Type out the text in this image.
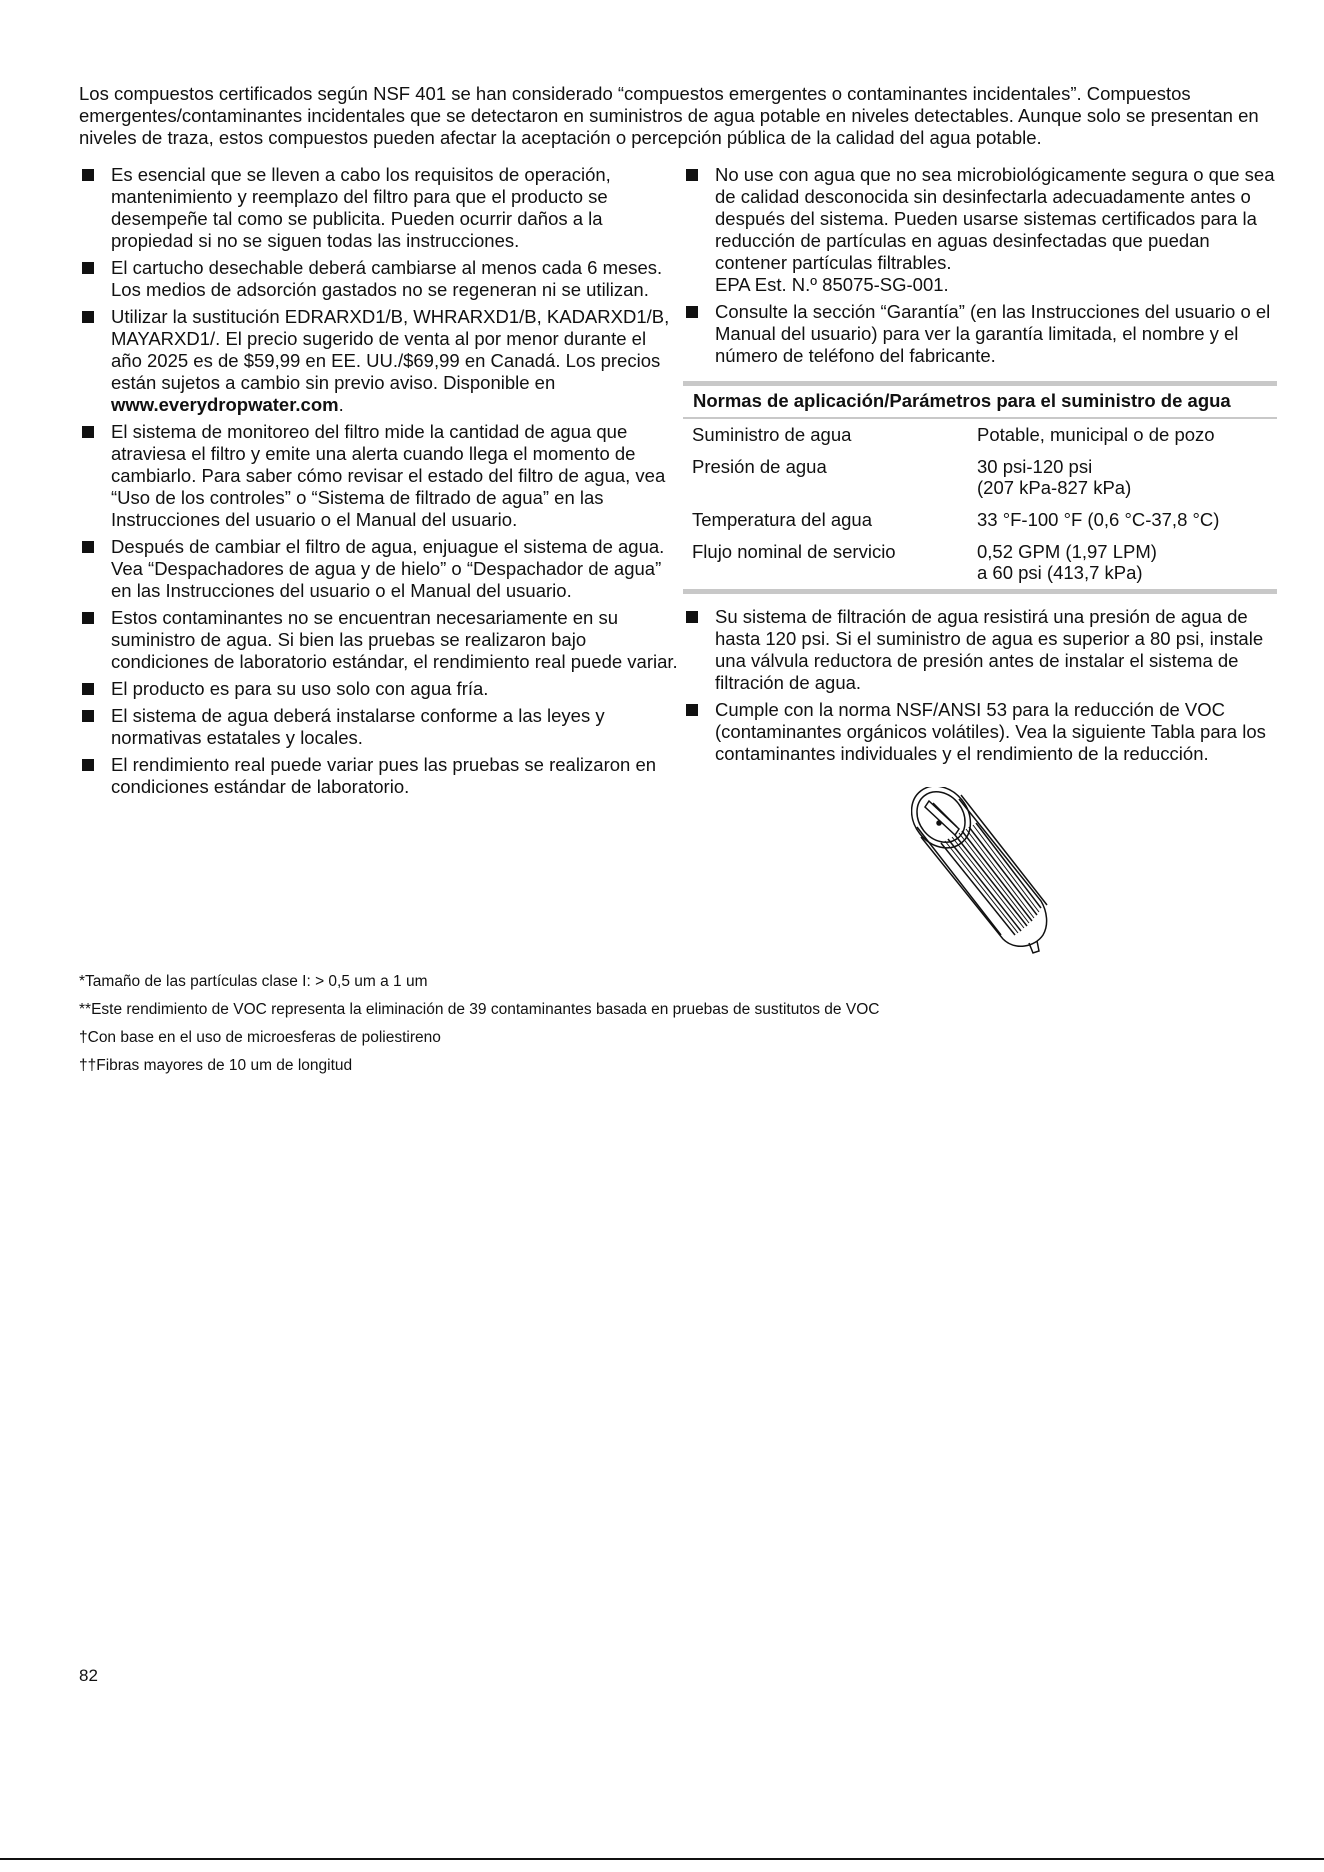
Los compuestos certificados según NSF 401 se han considerado “compuestos emergentes o contaminantes incidentales”. Compuestos emergentes/contaminantes incidentales que se detectaron en suministros de agua potable en niveles detectables. Aunque solo se presentan en niveles de traza, estos compuestos pueden afectar la aceptación o percepción pública de la calidad del agua potable.
Es esencial que se lleven a cabo los requisitos de operación, mantenimiento y reemplazo del filtro para que el producto se desempeñe tal como se publicita. Pueden ocurrir daños a la propiedad si no se siguen todas las instrucciones.
El cartucho desechable deberá cambiarse al menos cada 6 meses. Los medios de adsorción gastados no se regeneran ni se utilizan.
Utilizar la sustitución EDRARXD1/B, WHRARXD1/B, KADARXD1/B, MAYARXD1/. El precio sugerido de venta al por menor durante el año 2025 es de $59,99 en EE. UU./$69,99 en Canadá. Los precios están sujetos a cambio sin previo aviso. Disponible en www.everydropwater.com.
El sistema de monitoreo del filtro mide la cantidad de agua que atraviesa el filtro y emite una alerta cuando llega el momento de cambiarlo. Para saber cómo revisar el estado del filtro de agua, vea “Uso de los controles” o “Sistema de filtrado de agua” en las Instrucciones del usuario o el Manual del usuario.
Después de cambiar el filtro de agua, enjuague el sistema de agua. Vea “Despachadores de agua y de hielo” o “Despachador de agua” en las Instrucciones del usuario o el Manual del usuario.
Estos contaminantes no se encuentran necesariamente en su suministro de agua. Si bien las pruebas se realizaron bajo condiciones de laboratorio estándar, el rendimiento real puede variar.
El producto es para su uso solo con agua fría.
El sistema de agua deberá instalarse conforme a las leyes y normativas estatales y locales.
El rendimiento real puede variar pues las pruebas se realizaron en condiciones estándar de laboratorio.
No use con agua que no sea microbiológicamente segura o que sea de calidad desconocida sin desinfectarla adecuadamente antes o después del sistema. Pueden usarse sistemas certificados para la reducción de partículas en aguas desinfectadas que puedan contener partículas filtrables.
EPA Est. N.º 85075-SG-001.
Consulte la sección “Garantía” (en las Instrucciones del usuario o el Manual del usuario) para ver la garantía limitada, el nombre y el número de teléfono del fabricante.
Normas de aplicación/Parámetros para el suministro de agua
Suministro de agua	Potable, municipal o de pozo
Presión de agua	30 psi-120 psi
(207 kPa-827 kPa)
Temperatura del agua	33 °F-100 °F (0,6 °C-37,8 °C)
Flujo nominal de servicio	0,52 GPM (1,97 LPM)
a 60 psi (413,7 kPa)
Su sistema de filtración de agua resistirá una presión de agua de hasta 120 psi. Si el suministro de agua es superior a 80 psi, instale una válvula reductora de presión antes de instalar el sistema de filtración de agua.
Cumple con la norma NSF/ANSI 53 para la reducción de VOC (contaminantes orgánicos volátiles). Vea la siguiente Tabla para los contaminantes individuales y el rendimiento de la reducción.

*Tamaño de las partículas clase I: > 0,5 um a 1 um

**Este rendimiento de VOC representa la eliminación de 39 contaminantes basada en pruebas de sustitutos de VOC

†Con base en el uso de microesferas de poliestireno

††Fibras mayores de 10 um de longitud

82
